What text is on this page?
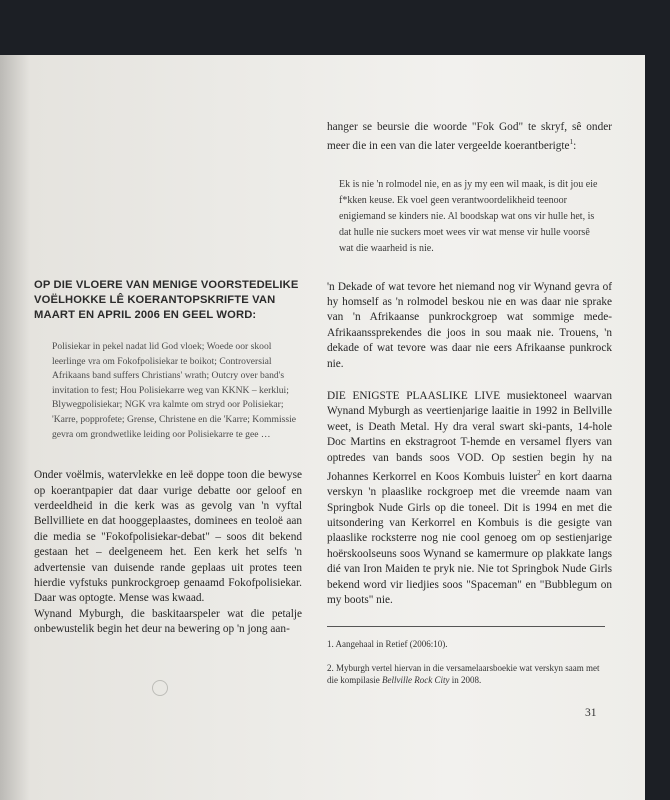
OP DIE VLOERE VAN MENIGE VOORSTEDELIKE VOËLHOKKE LÊ KOERANTOPSKRIFTE VAN MAART EN APRIL 2006 EN GEEL WORD:

Polisiekar in pekel nadat lid God vloek; Woede oor skool leerlinge vra om Fokofpolisiekar te boikot; Controversial Afrikaans band suffers Christians' wrath; Outcry over band's invitation to fest; Hou Polisiekarre weg van KKNK – kerklui; Blywegpolisiekar; NGK vra kalmte om stryd oor Polisiekar; 'Karre, popprofete; Grense, Christene en die 'Karre; Kommissie gevra om grondwetlike leiding oor Polisiekarre te gee …

Onder voëlmis, watervlekke en leë doppe toon die bewyse op koerantpapier dat daar vurige debatte oor geloof en verdeeldheid in die kerk was as gevolg van 'n vyftal Bellvilliete en dat hooggeplaastes, dominees en teoloë aan die media se "Fokofpolisiekar-debat" – soos dit bekend gestaan het – deelgeneem het. Een kerk het selfs 'n advertensie van duisende rande geplaas uit protes teen hierdie vyfstuks punkrockgroep genaamd Fokofpolisiekar. Daar was optogte. Mense was kwaad.

Wynand Myburgh, die baskitaarspeler wat die petalje onbewustelik begin het deur na bewering op 'n jong aan-

hanger se beursie die woorde "Fok God" te skryf, sê onder meer die in een van die later vergeelde koerantberigte$^1$:

Ek is nie 'n rolmodel nie, en as jy my een wil maak, is dit jou eie f*kken keuse. Ek voel geen verantwoordelikheid teenoor enigiemand se kinders nie. Al boodskap wat ons vir hulle het, is dat hulle nie suckers moet wees vir wat mense vir hulle voorsê wat die waarheid is nie.

'n Dekade of wat tevore het niemand nog vir Wynand gevra of hy homself as 'n rolmodel beskou nie en was daar nie sprake van 'n Afrikaanse punkrockgroep wat sommige mede-Afrikaanssprekendes die joos in sou maak nie. Trouens, 'n dekade of wat tevore was daar nie eers Afrikaanse punkrock nie.

DIE ENIGSTE PLAASLIKE LIVE musiektoneel waarvan Wynand Myburgh as veertienjarige laaitie in 1992 in Bellville weet, is Death Metal. Hy dra veral swart ski-pants, 14-hole Doc Martins en ekstragroot T-hemde en versamel flyers van optredes van bands soos VOD. Op sestien begin hy na Johannes Kerkorrel en Koos Kombuis luister$^2$ en kort daarna verskyn 'n plaaslike rockgroep met die vreemde naam van Springbok Nude Girls op die toneel. Dit is 1994 en met die uitsondering van Kerkorrel en Kombuis is die gesigte van plaaslike rocksterre nog nie cool genoeg om op sestienjarige hoërskoolseuns soos Wynand se kamermure op plakkate langs dié van Iron Maiden te pryk nie. Nie tot Springbok Nude Girls bekend word vir liedjies soos "Spaceman" en "Bubblegum on my boots" nie.

1. Aangehaal in Retief (2006:10).

2. Myburgh vertel hiervan in die versamelaarsboekie wat verskyn saam met die kompilasie Bellville Rock City in 2008.

31
